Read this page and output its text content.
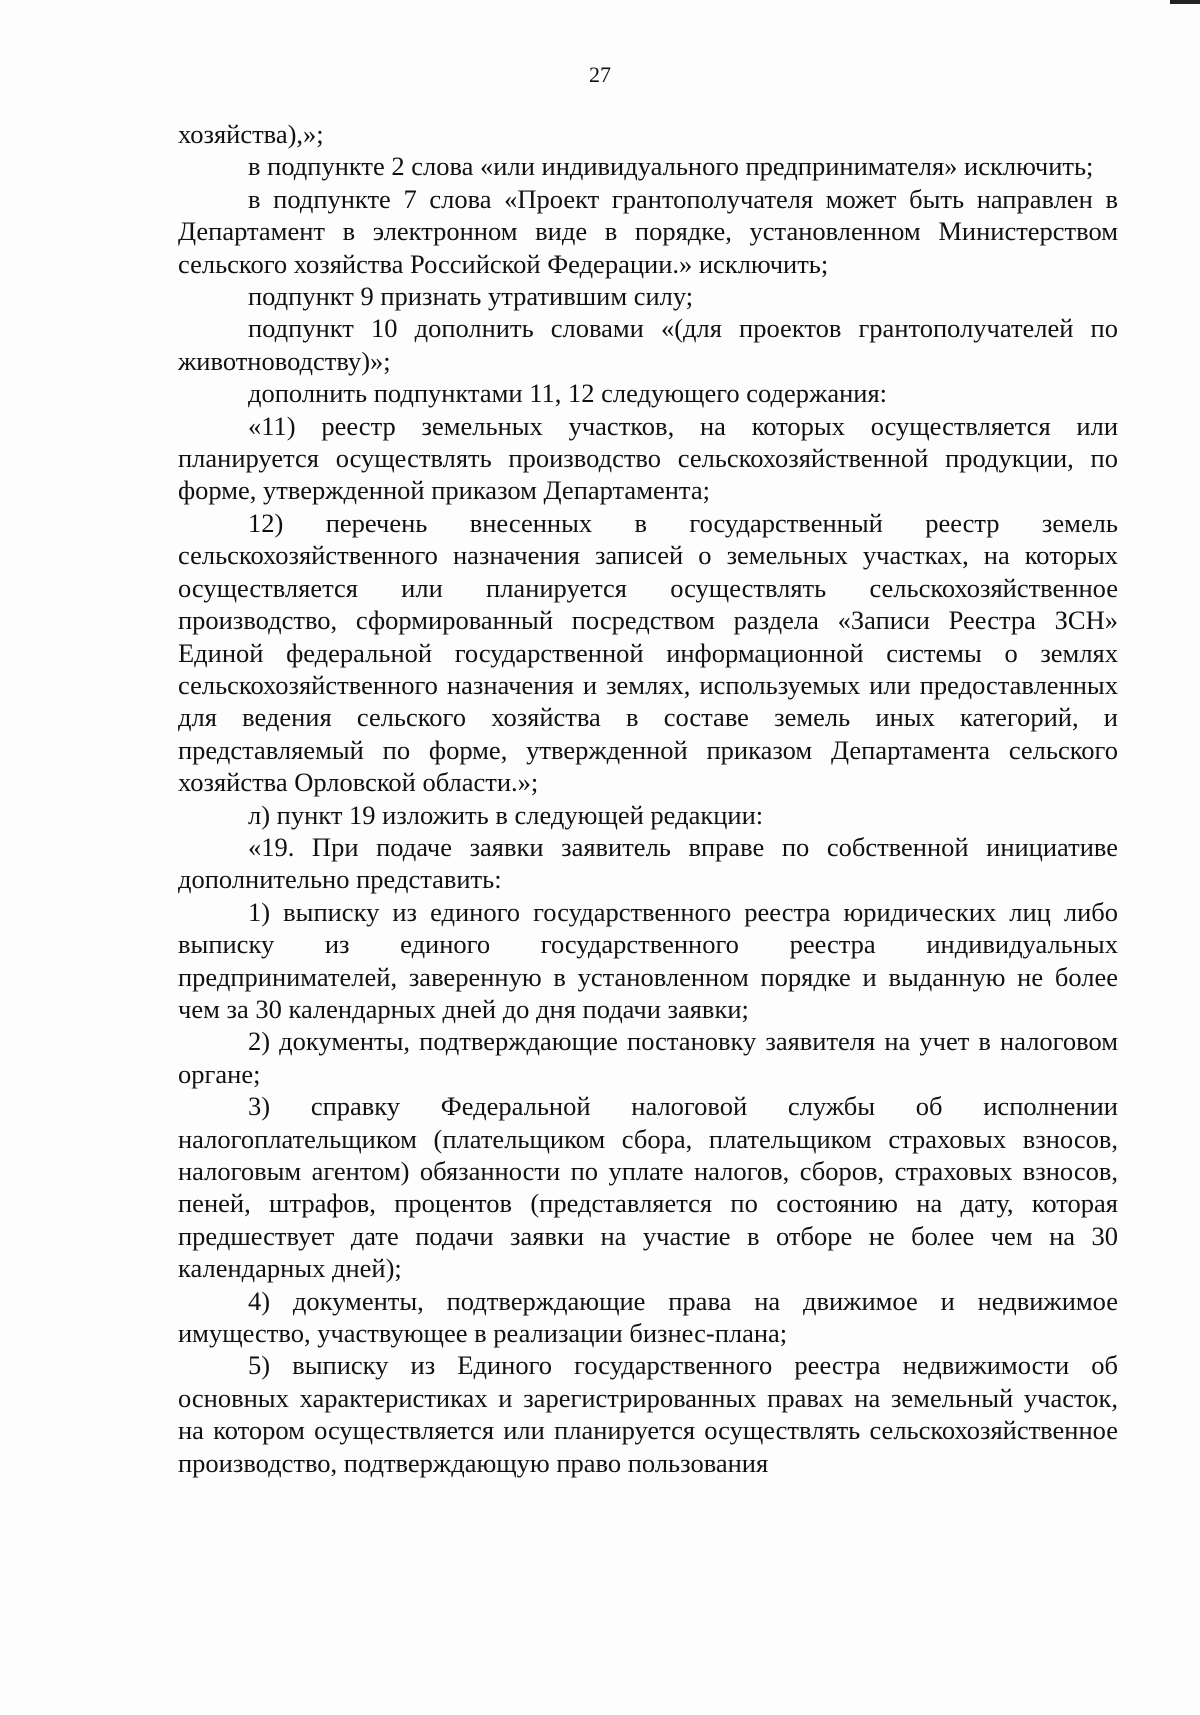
27

хозяйства),»;

в подпункте 2 слова «или индивидуального предпринимателя» исключить;

в подпункте 7 слова «Проект грантополучателя может быть направлен в Департамент в электронном виде в порядке, установленном Министерством сельского хозяйства Российской Федерации.» исключить;

подпункт 9 признать утратившим силу;

подпункт 10 дополнить словами «(для проектов грантополучателей по животноводству)»;

дополнить подпунктами 11, 12 следующего содержания:

«11) реестр земельных участков, на которых осуществляется или планируется осуществлять производство сельскохозяйственной продукции, по форме, утвержденной приказом Департамента;

12) перечень внесенных в государственный реестр земель сельскохозяйственного назначения записей о земельных участках, на которых осуществляется или планируется осуществлять сельскохозяйственное производство, сформированный посредством раздела «Записи Реестра ЗСН» Единой федеральной государственной информационной системы о землях сельскохозяйственного назначения и землях, используемых или предоставленных для ведения сельского хозяйства в составе земель иных категорий, и представляемый по форме, утвержденной приказом Департамента сельского хозяйства Орловской области.»;

л) пункт 19 изложить в следующей редакции:

«19. При подаче заявки заявитель вправе по собственной инициативе дополнительно представить:

1) выписку из единого государственного реестра юридических лиц либо выписку из единого государственного реестра индивидуальных предпринимателей, заверенную в установленном порядке и выданную не более чем за 30 календарных дней до дня подачи заявки;

2) документы, подтверждающие постановку заявителя на учет в налоговом органе;

3) справку Федеральной налоговой службы об исполнении налогоплательщиком (плательщиком сбора, плательщиком страховых взносов, налоговым агентом) обязанности по уплате налогов, сборов, страховых взносов, пеней, штрафов, процентов (представляется по состоянию на дату, которая предшествует дате подачи заявки на участие в отборе не более чем на 30 календарных дней);

4) документы, подтверждающие права на движимое и недвижимое имущество, участвующее в реализации бизнес-плана;

5) выписку из Единого государственного реестра недвижимости об основных характеристиках и зарегистрированных правах на земельный участок, на котором осуществляется или планируется осуществлять сельскохозяйственное производство, подтверждающую право пользования
